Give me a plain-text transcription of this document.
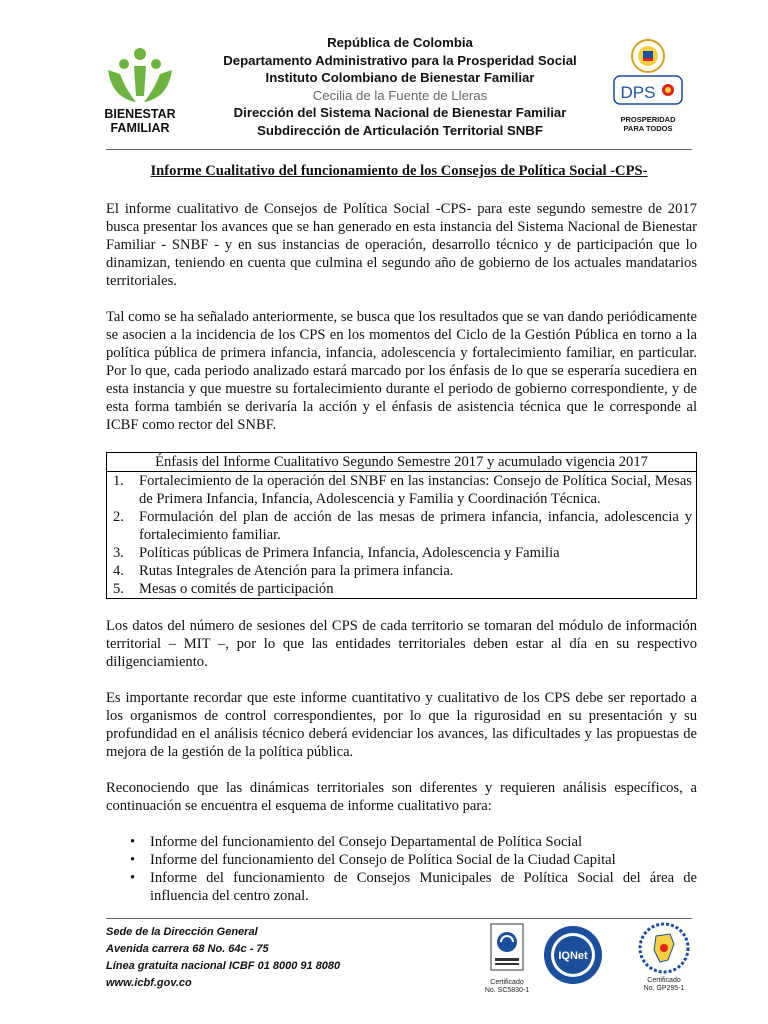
BIENESTAR
FAMILIAR
República de Colombia
Departamento Administrativo para la Prosperidad Social
Instituto Colombiano de Bienestar Familiar
Cecilia de la Fuente de Lleras
Dirección del Sistema Nacional de Bienestar Familiar
Subdirección de Articulación Territorial SNBF
DPS
PROSPERIDAD
PARA TODOS
Informe Cualitativo del funcionamiento de los Consejos de Política Social -CPS-

El informe cualitativo de Consejos de Política Social -CPS- para este segundo semestre de 2017 busca presentar los avances que se han generado en esta instancia del Sistema Nacional de Bienestar Familiar - SNBF - y en sus instancias de operación, desarrollo técnico y de participación que lo dinamizan, teniendo en cuenta que culmina el segundo año de gobierno de los actuales mandatarios territoriales.

Tal como se ha señalado anteriormente, se busca que los resultados que se van dando periódicamente se asocien a la incidencia de los CPS en los momentos del Ciclo de la Gestión Pública en torno a la política pública de primera infancia, infancia, adolescencia y fortalecimiento familiar, en particular. Por lo que, cada periodo analizado estará marcado por los énfasis de lo que se esperaría sucediera en esta instancia y que muestre su fortalecimiento durante el periodo de gobierno correspondiente, y de esta forma también se derivaría la acción y el énfasis de asistencia técnica que le corresponde al ICBF como rector del SNBF.

Énfasis del Informe Cualitativo Segundo Semestre 2017 y acumulado vigencia 2017

1.	Fortalecimiento de la operación del SNBF en las instancias: Consejo de Política Social, Mesas de Primera Infancia, Infancia, Adolescencia y Familia y Coordinación Técnica.
2.	Formulación del plan de acción de las mesas de primera infancia, infancia, adolescencia y fortalecimiento familiar.
3.	Políticas públicas de Primera Infancia, Infancia, Adolescencia y Familia
4.	Rutas Integrales de Atención para la primera infancia.
5.	Mesas o comités de participación

Los datos del número de sesiones del CPS de cada territorio se tomaran del módulo de información territorial – MIT –, por lo que las entidades territoriales deben estar al día en su respectivo diligenciamiento.

Es importante recordar que este informe cuantitativo y cualitativo de los CPS debe ser reportado a los organismos de control correspondientes, por lo que la rigurosidad en su presentación y su profundidad en el análisis técnico deberá evidenciar los avances, las dificultades y las propuestas de mejora de la gestión de la política pública.

Reconociendo que las dinámicas territoriales son diferentes y requieren análisis específicos, a continuación se encuentra el esquema de informe cualitativo para:

•	Informe del funcionamiento del Consejo Departamental de Política Social
•	Informe del funcionamiento del Consejo de Política Social de la Ciudad Capital
•	Informe del funcionamiento de Consejos Municipales de Política Social del área de influencia del centro zonal.
Sede de la Dirección General
Avenida carrera 68 No. 64c - 75
Línea gratuita nacional ICBF 01 8000 91 8080
www.icbf.gov.co	Certificado
No. SC5830-1
IQNet
Certificado
No. GP295-1
